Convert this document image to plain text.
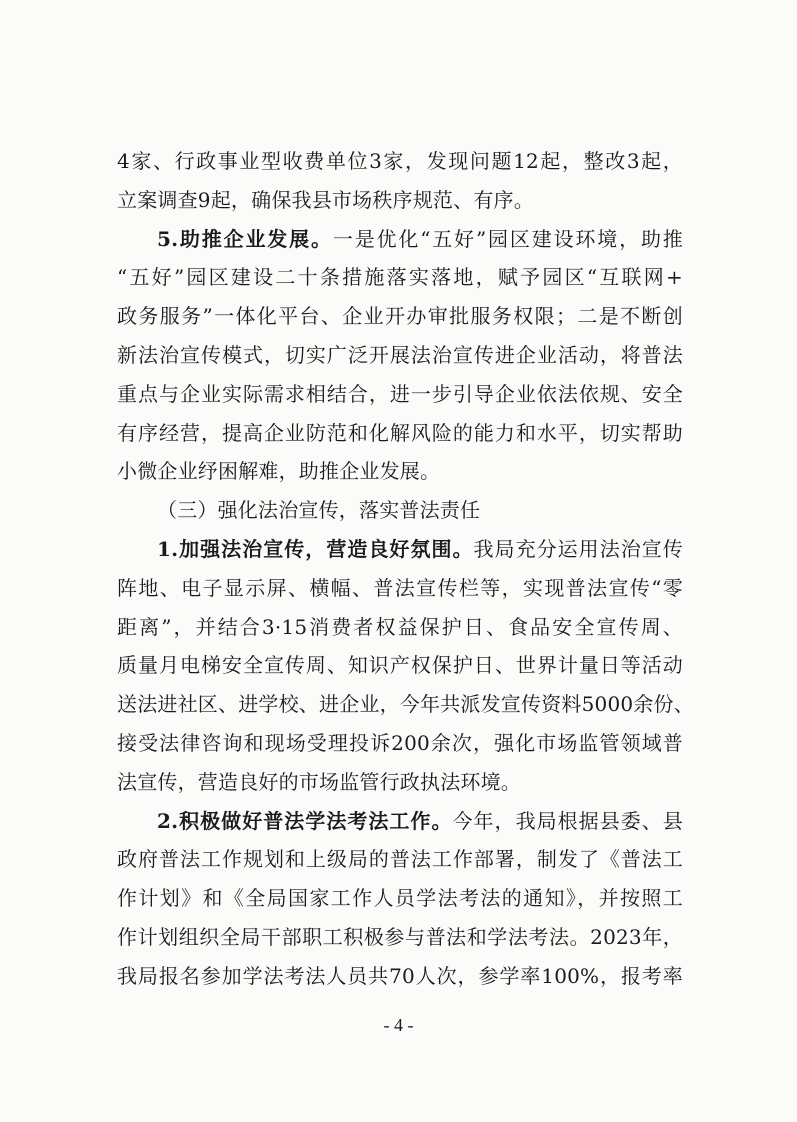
4家、行政事业型收费单位3家，发现问题12起，整改3起，
立案调查9起，确保我县市场秩序规范、有序。
5.助推企业发展。一是优化“五好”园区建设环境，助推
“五好”园区建设二十条措施落实落地，赋予园区“互联网+
政务服务”一体化平台、企业开办审批服务权限；二是不断创
新法治宣传模式，切实广泛开展法治宣传进企业活动，将普法
重点与企业实际需求相结合，进一步引导企业依法依规、安全
有序经营，提高企业防范和化解风险的能力和水平，切实帮助
小微企业纾困解难，助推企业发展。
（三）强化法治宣传，落实普法责任
1.加强法治宣传，营造良好氛围。我局充分运用法治宣传
阵地、电子显示屏、横幅、普法宣传栏等，实现普法宣传“零
距离”，并结合3·15消费者权益保护日、食品安全宣传周、
质量月电梯安全宣传周、知识产权保护日、世界计量日等活动
送法进社区、进学校、进企业，今年共派发宣传资料5000余份、
接受法律咨询和现场受理投诉200余次，强化市场监管领域普
法宣传，营造良好的市场监管行政执法环境。
2.积极做好普法学法考法工作。今年，我局根据县委、县
政府普法工作规划和上级局的普法工作部署，制发了《普法工
作计划》和《全局国家工作人员学法考法的通知》，并按照工
作计划组织全局干部职工积极参与普法和学法考法。2023年，
我局报名参加学法考法人员共70人次，参学率100%，报考率
- 4 -
